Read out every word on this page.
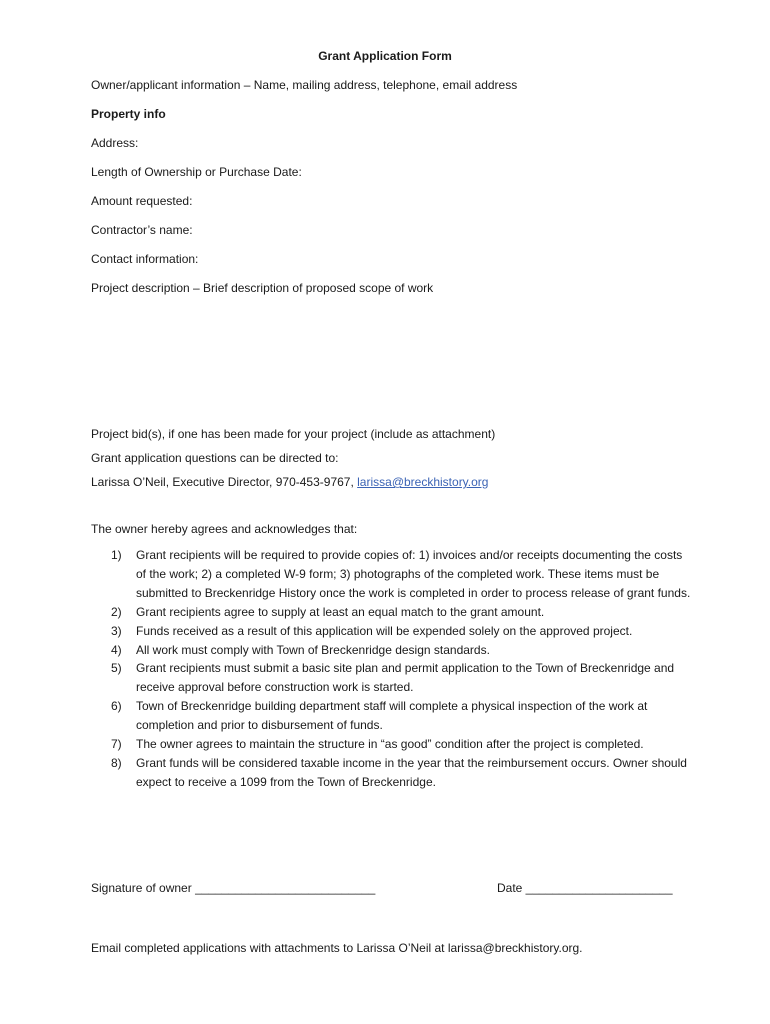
Grant Application Form
Owner/applicant information – Name, mailing address, telephone, email address
Property info
Address:
Length of Ownership or Purchase Date:
Amount requested:
Contractor’s name:
Contact information:
Project description – Brief description of proposed scope of work
Project bid(s), if one has been made for your project (include as attachment)
Grant application questions can be directed to:
Larissa O’Neil, Executive Director, 970-453-9767, larissa@breckhistory.org
The owner hereby agrees and acknowledges that:
1) Grant recipients will be required to provide copies of: 1) invoices and/or receipts documenting the costs of the work; 2) a completed W-9 form; 3) photographs of the completed work. These items must be submitted to Breckenridge History once the work is completed in order to process release of grant funds.
2) Grant recipients agree to supply at least an equal match to the grant amount.
3) Funds received as a result of this application will be expended solely on the approved project.
4) All work must comply with Town of Breckenridge design standards.
5) Grant recipients must submit a basic site plan and permit application to the Town of Breckenridge and receive approval before construction work is started.
6) Town of Breckenridge building department staff will complete a physical inspection of the work at completion and prior to disbursement of funds.
7) The owner agrees to maintain the structure in “as good” condition after the project is completed.
8) Grant funds will be considered taxable income in the year that the reimbursement occurs. Owner should expect to receive a 1099 from the Town of Breckenridge.
Signature of owner ___________________________	Date ______________________
Email completed applications with attachments to Larissa O’Neil at larissa@breckhistory.org.
